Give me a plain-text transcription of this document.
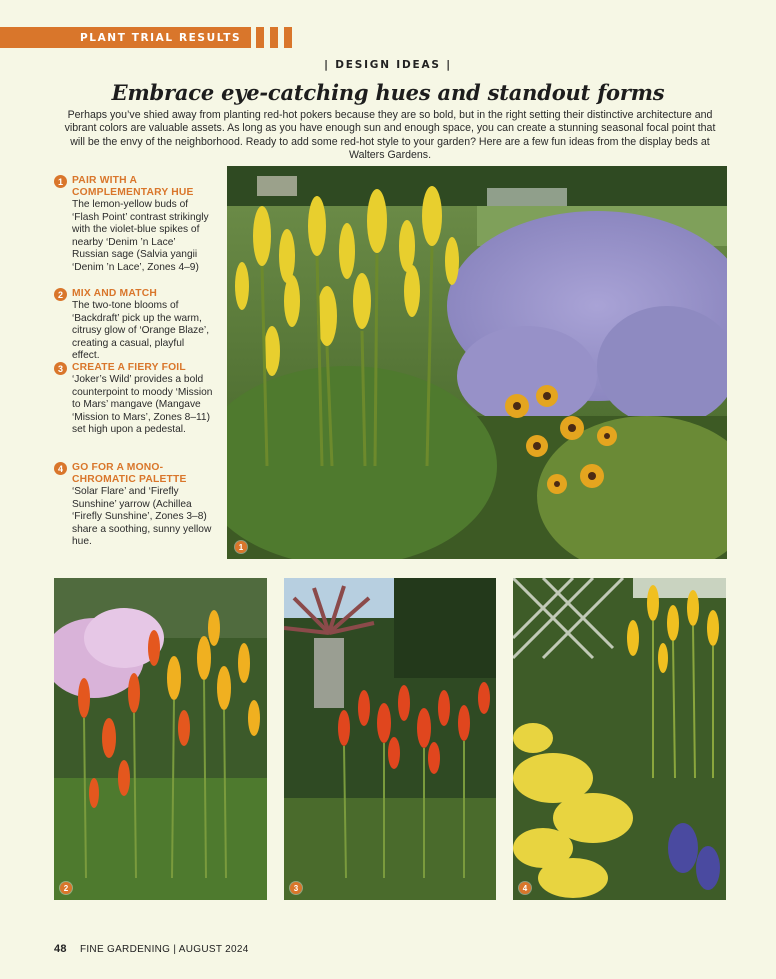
PLANT TRIAL RESULTS
| DESIGN IDEAS |
Embrace eye-catching hues and standout forms
Perhaps you’ve shied away from planting red-hot pokers because they are so bold, but in the right setting their distinctive architecture and vibrant colors are valuable assets. As long as you have enough sun and enough space, you can create a stunning seasonal focal point that will be the envy of the neighborhood. Ready to add some red-hot style to your garden? Here are a few fun ideas from the display beds at Walters Gardens.
1 PAIR WITH A COMPLEMENTARY HUE
The lemon-yellow buds of ‘Flash Point’ contrast strikingly with the violet-blue spikes of nearby ‘Denim ’n Lace’ Russian sage (Salvia yangii ‘Denim ’n Lace’, Zones 4–9)
2 MIX AND MATCH
The two-tone blooms of ‘Backdraft’ pick up the warm, citrusy glow of ‘Orange Blaze’, creating a casual, playful effect.
3 CREATE A FIERY FOIL
‘Joker’s Wild’ provides a bold counterpoint to moody ‘Mission to Mars’ mangave (Mangave ‘Mission to Mars’, Zones 8–11) set high upon a pedestal.
4 GO FOR A MONO-CHROMATIC PALETTE
‘Solar Flare’ and ‘Firefly Sunshine’ yarrow (Achillea ‘Firefly Sunshine’, Zones 3–8) share a soothing, sunny yellow hue.	1
2	3	4
48 FINE GARDENING | AUGUST 2024
